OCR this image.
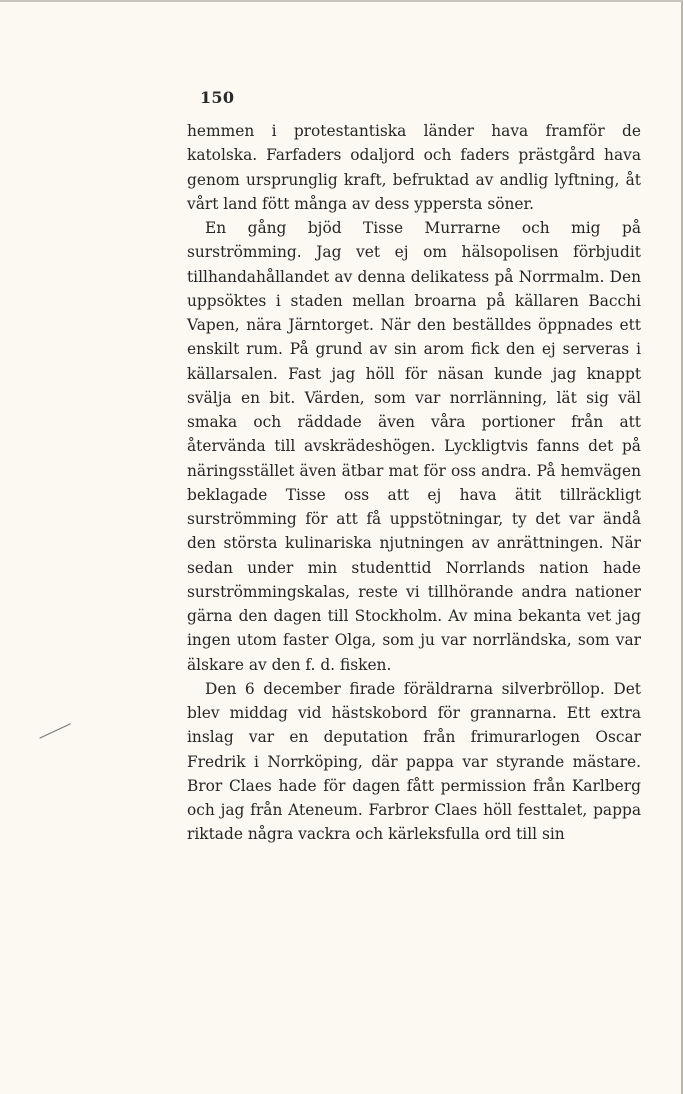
150

hemmen i protestantiska länder hava framför de katolska. Farfaders odaljord och faders prästgård hava genom ursprunglig kraft, befruktad av andlig lyftning, åt vårt land fött många av dess yppersta söner.

En gång bjöd Tisse Murrarne och mig på surströmming. Jag vet ej om hälsopolisen förbjudit tillhandahållandet av denna delikatess på Norrmalm. Den uppsöktes i staden mellan broarna på källaren Bacchi Vapen, nära Järntorget. När den beställdes öppnades ett enskilt rum. På grund av sin arom fick den ej serveras i källarsalen. Fast jag höll för näsan kunde jag knappt svälja en bit. Värden, som var norrlänning, lät sig väl smaka och räddade även våra portioner från att återvända till avskrädeshögen. Lyckligtvis fanns det på näringsstället även ätbar mat för oss andra. På hemvägen beklagade Tisse oss att ej hava ätit tillräckligt surströmming för att få uppstötningar, ty det var ändå den största kulinariska njutningen av anrättningen. När sedan under min studenttid Norrlands nation hade surströmmingskalas, reste vi tillhörande andra nationer gärna den dagen till Stockholm. Av mina bekanta vet jag ingen utom faster Olga, som ju var norrländska, som var älskare av den f. d. fisken.

Den 6 december firade föräldrarna silverbröllop. Det blev middag vid hästskobord för grannarna. Ett extra inslag var en deputation från frimurarlogen Oscar Fredrik i Norrköping, där pappa var styrande mästare. Bror Claes hade för dagen fått permission från Karlberg och jag från Ateneum. Farbror Claes höll festtalet, pappa riktade några vackra och kärleksfulla ord till sin
